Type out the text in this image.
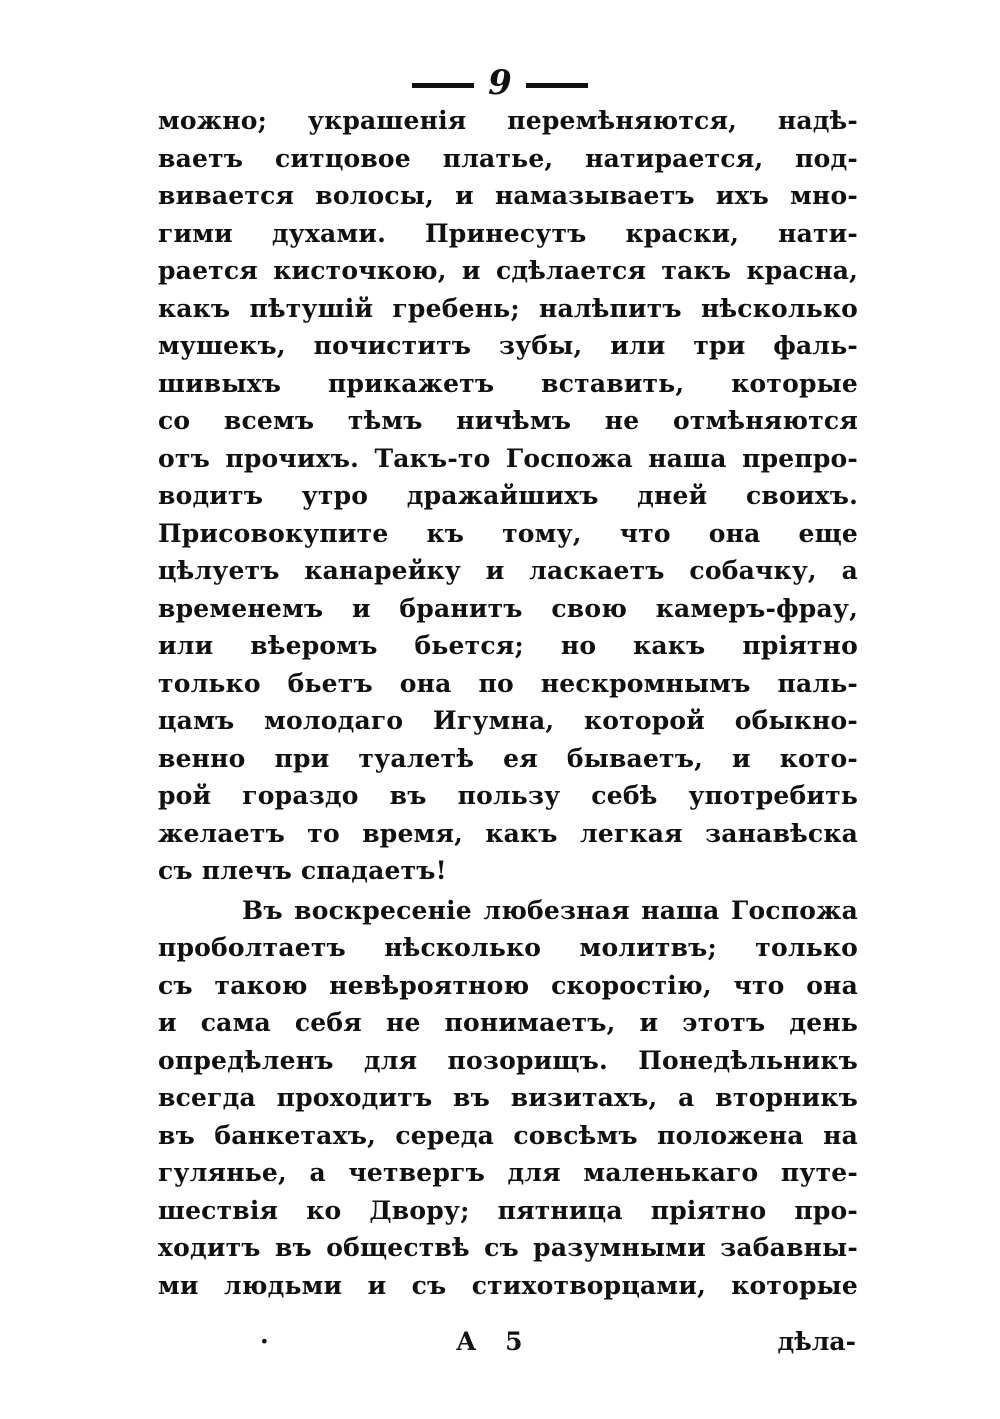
9
можно; украшенія перемѣняются, надѣ-
ваетъ ситцовое платье, натирается, под-
вивается волосы, и намазываетъ ихъ мно-
гими духами. Принесутъ краски, нати-
рается кисточкою, и сдѣлается такъ красна,
какъ пѣтушій гребень; налѣпитъ нѣсколько
мушекъ, почиститъ зубы, или три фаль-
шивыхъ прикажетъ вставить, которые
со всемъ тѣмъ ничѣмъ не отмѣняются
отъ прочихъ. Такъ-то Госпожа наша препро-
водитъ утро дражайшихъ дней своихъ.
Присовокупите къ тому, что она еще
цѣлуетъ канарейку и ласкаетъ собачку, а
временемъ и бранитъ свою камеръ-фрау,
или вѣеромъ бьется; но какъ пріятно
только бьетъ она по нескромнымъ паль-
цамъ молодаго Игумна, которой обыкно-
венно при туалетѣ ея бываетъ, и кото-
рой гораздо въ пользу себѣ употребить
желаетъ то время, какъ легкая занавѣска
съ плечъ спадаетъ!
Въ воскресеніе любезная наша Госпожа
проболтаетъ нѣсколько молитвъ; только
съ такою невѣроятною скоростію, что она
и сама себя не понимаетъ, и этотъ день
опредѣленъ для позорищъ. Понедѣльникъ
всегда проходитъ въ визитахъ, а вторникъ
въ банкетахъ, середа совсѣмъ положена на
гулянье, а четвергъ для маленькаго путе-
шествія ко Двору; пятница пріятно про-
ходитъ въ обществѣ съ разумными забавны-
ми людьми и съ стихотворцами, которые
·	А 5	дѣла-
